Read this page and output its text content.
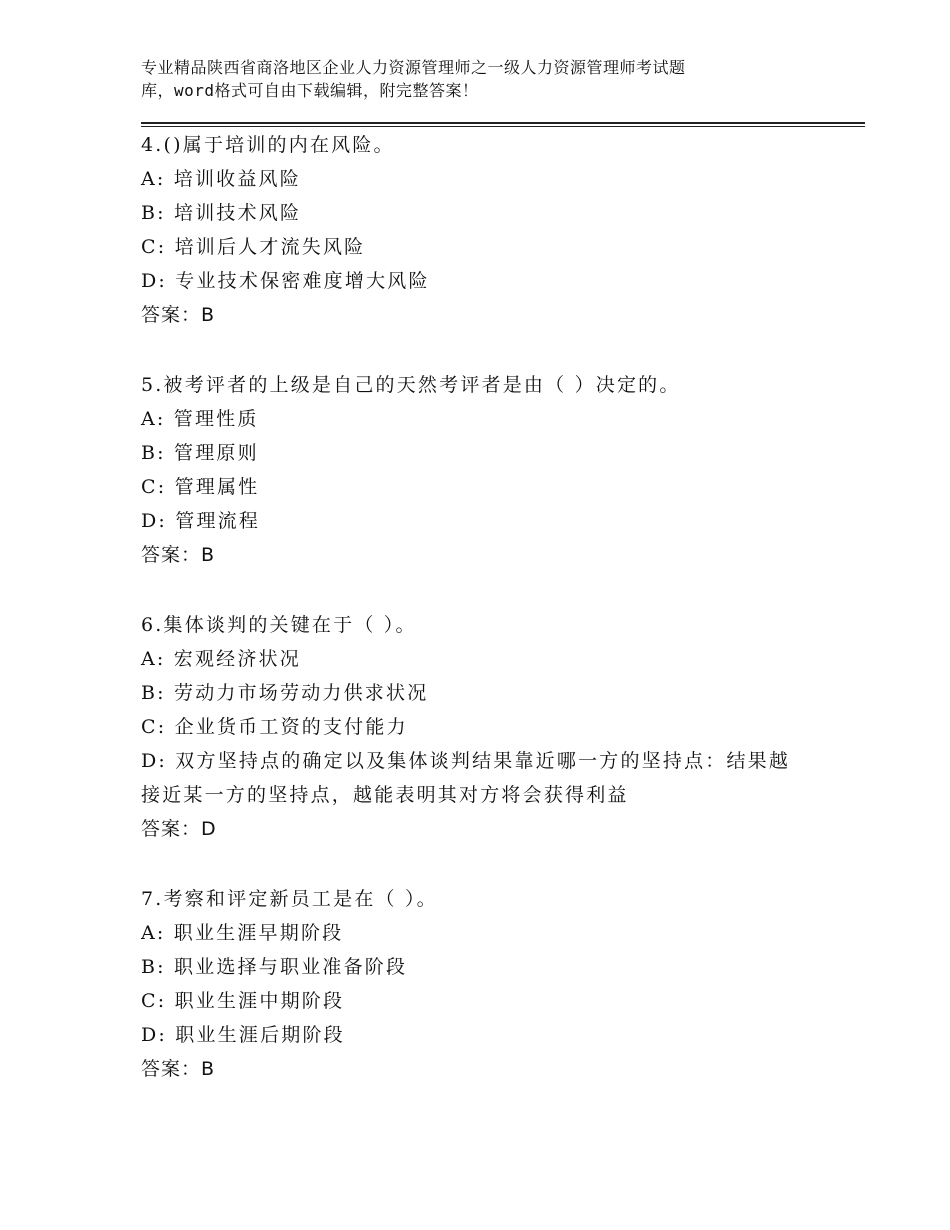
专业精品陕西省商洛地区企业人力资源管理师之一级人力资源管理师考试题
库，word格式可自由下载编辑，附完整答案！
4.()属于培训的内在风险。
A: 培训收益风险
B: 培训技术风险
C: 培训后人才流失风险
D: 专业技术保密难度增大风险
答案：B
5.被考评者的上级是自己的天然考评者是由（ ）决定的。
A: 管理性质
B: 管理原则
C: 管理属性
D: 管理流程
答案：B
6.集体谈判的关键在于（ ）。
A: 宏观经济状况
B: 劳动力市场劳动力供求状况
C: 企业货币工资的支付能力
D: 双方坚持点的确定以及集体谈判结果靠近哪一方的坚持点：结果越
接近某一方的坚持点，越能表明其对方将会获得利益
答案：D
7.考察和评定新员工是在（ ）。
A: 职业生涯早期阶段
B: 职业选择与职业准备阶段
C: 职业生涯中期阶段
D: 职业生涯后期阶段
答案：B
